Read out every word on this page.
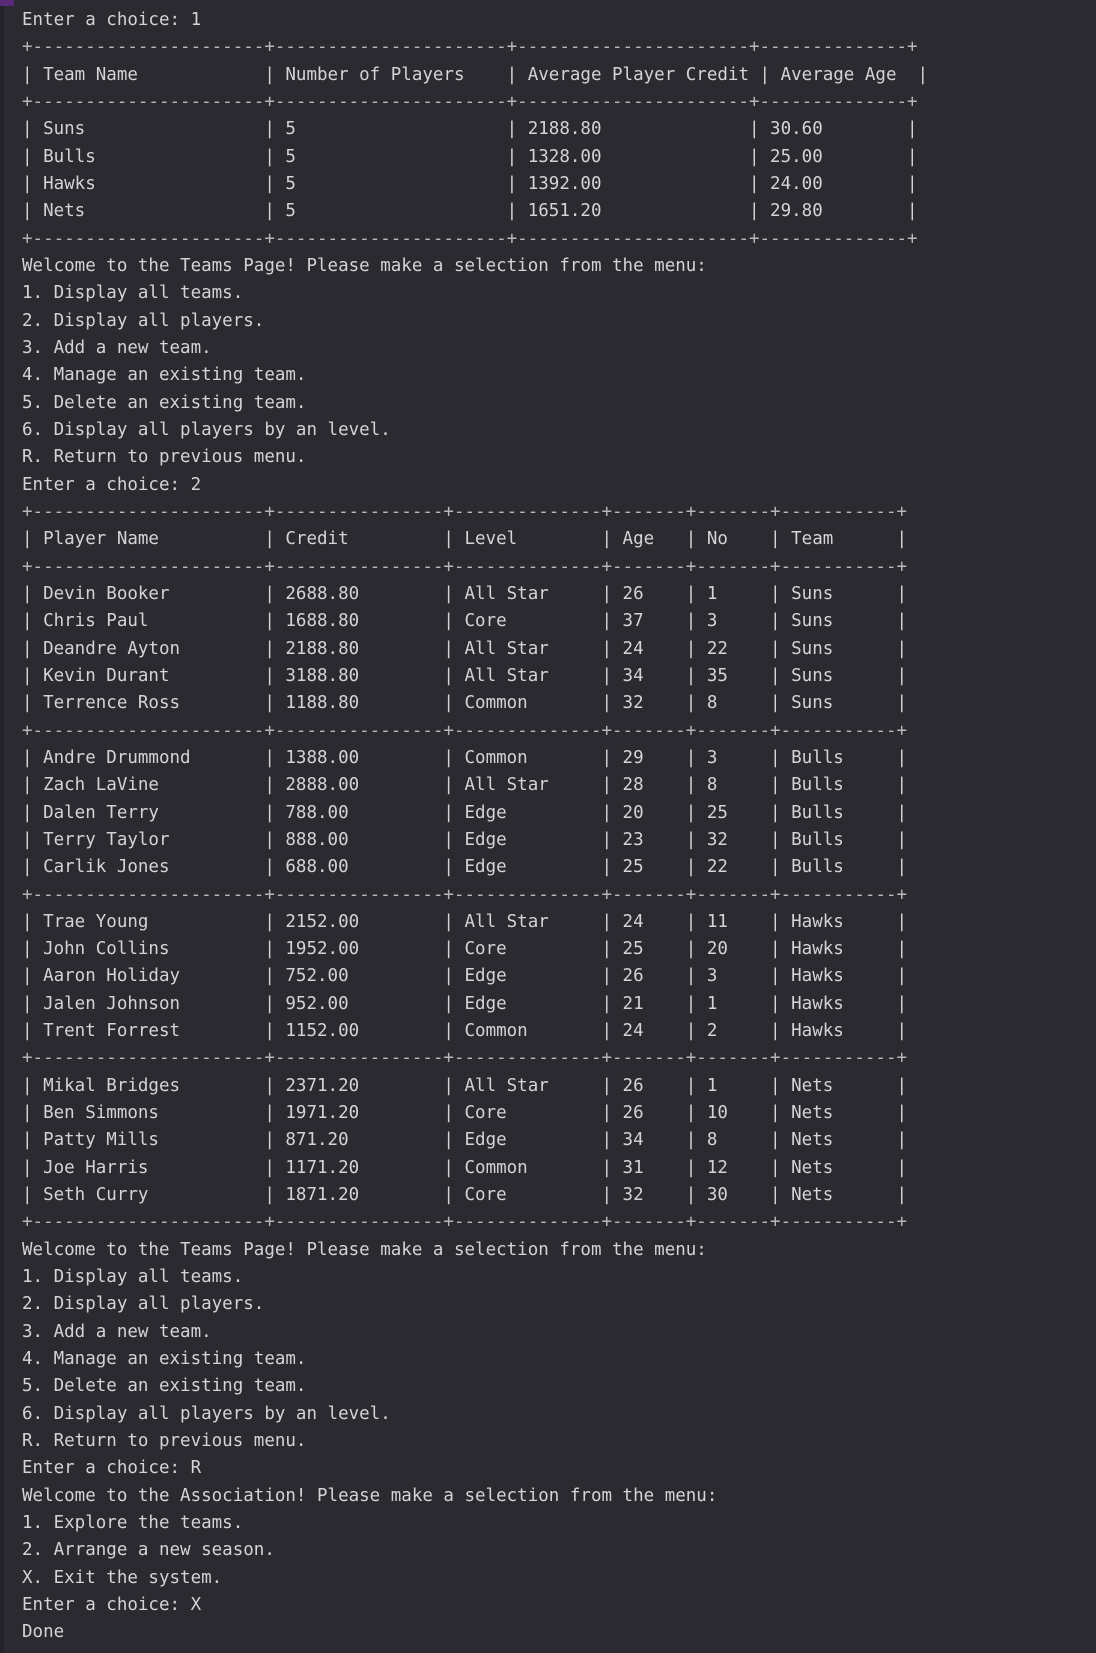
Enter a choice: 1
+----------------------+----------------------+----------------------+--------------+
| Team Name            | Number of Players    | Average Player Credit | Average Age  |
+----------------------+----------------------+----------------------+--------------+
| Suns                 | 5                    | 2188.80              | 30.60        |
| Bulls                | 5                    | 1328.00              | 25.00        |
| Hawks                | 5                    | 1392.00              | 24.00        |
| Nets                 | 5                    | 1651.20              | 29.80        |
+----------------------+----------------------+----------------------+--------------+
Welcome to the Teams Page! Please make a selection from the menu:
1. Display all teams.
2. Display all players.
3. Add a new team.
4. Manage an existing team.
5. Delete an existing team.
6. Display all players by an level.
R. Return to previous menu.
Enter a choice: 2
+----------------------+----------------+--------------+-------+-------+-----------+
| Player Name          | Credit         | Level        | Age   | No    | Team      |
+----------------------+----------------+--------------+-------+-------+-----------+
| Devin Booker         | 2688.80        | All Star     | 26    | 1     | Suns      |
| Chris Paul           | 1688.80        | Core         | 37    | 3     | Suns      |
| Deandre Ayton        | 2188.80        | All Star     | 24    | 22    | Suns      |
| Kevin Durant         | 3188.80        | All Star     | 34    | 35    | Suns      |
| Terrence Ross        | 1188.80        | Common       | 32    | 8     | Suns      |
+----------------------+----------------+--------------+-------+-------+-----------+
| Andre Drummond       | 1388.00        | Common       | 29    | 3     | Bulls     |
| Zach LaVine          | 2888.00        | All Star     | 28    | 8     | Bulls     |
| Dalen Terry          | 788.00         | Edge         | 20    | 25    | Bulls     |
| Terry Taylor         | 888.00         | Edge         | 23    | 32    | Bulls     |
| Carlik Jones         | 688.00         | Edge         | 25    | 22    | Bulls     |
+----------------------+----------------+--------------+-------+-------+-----------+
| Trae Young           | 2152.00        | All Star     | 24    | 11    | Hawks     |
| John Collins         | 1952.00        | Core         | 25    | 20    | Hawks     |
| Aaron Holiday        | 752.00         | Edge         | 26    | 3     | Hawks     |
| Jalen Johnson        | 952.00         | Edge         | 21    | 1     | Hawks     |
| Trent Forrest        | 1152.00        | Common       | 24    | 2     | Hawks     |
+----------------------+----------------+--------------+-------+-------+-----------+
| Mikal Bridges        | 2371.20        | All Star     | 26    | 1     | Nets      |
| Ben Simmons          | 1971.20        | Core         | 26    | 10    | Nets      |
| Patty Mills          | 871.20         | Edge         | 34    | 8     | Nets      |
| Joe Harris           | 1171.20        | Common       | 31    | 12    | Nets      |
| Seth Curry           | 1871.20        | Core         | 32    | 30    | Nets      |
+----------------------+----------------+--------------+-------+-------+-----------+
Welcome to the Teams Page! Please make a selection from the menu:
1. Display all teams.
2. Display all players.
3. Add a new team.
4. Manage an existing team.
5. Delete an existing team.
6. Display all players by an level.
R. Return to previous menu.
Enter a choice: R
Welcome to the Association! Please make a selection from the menu:
1. Explore the teams.
2. Arrange a new season.
X. Exit the system.
Enter a choice: X
Done
